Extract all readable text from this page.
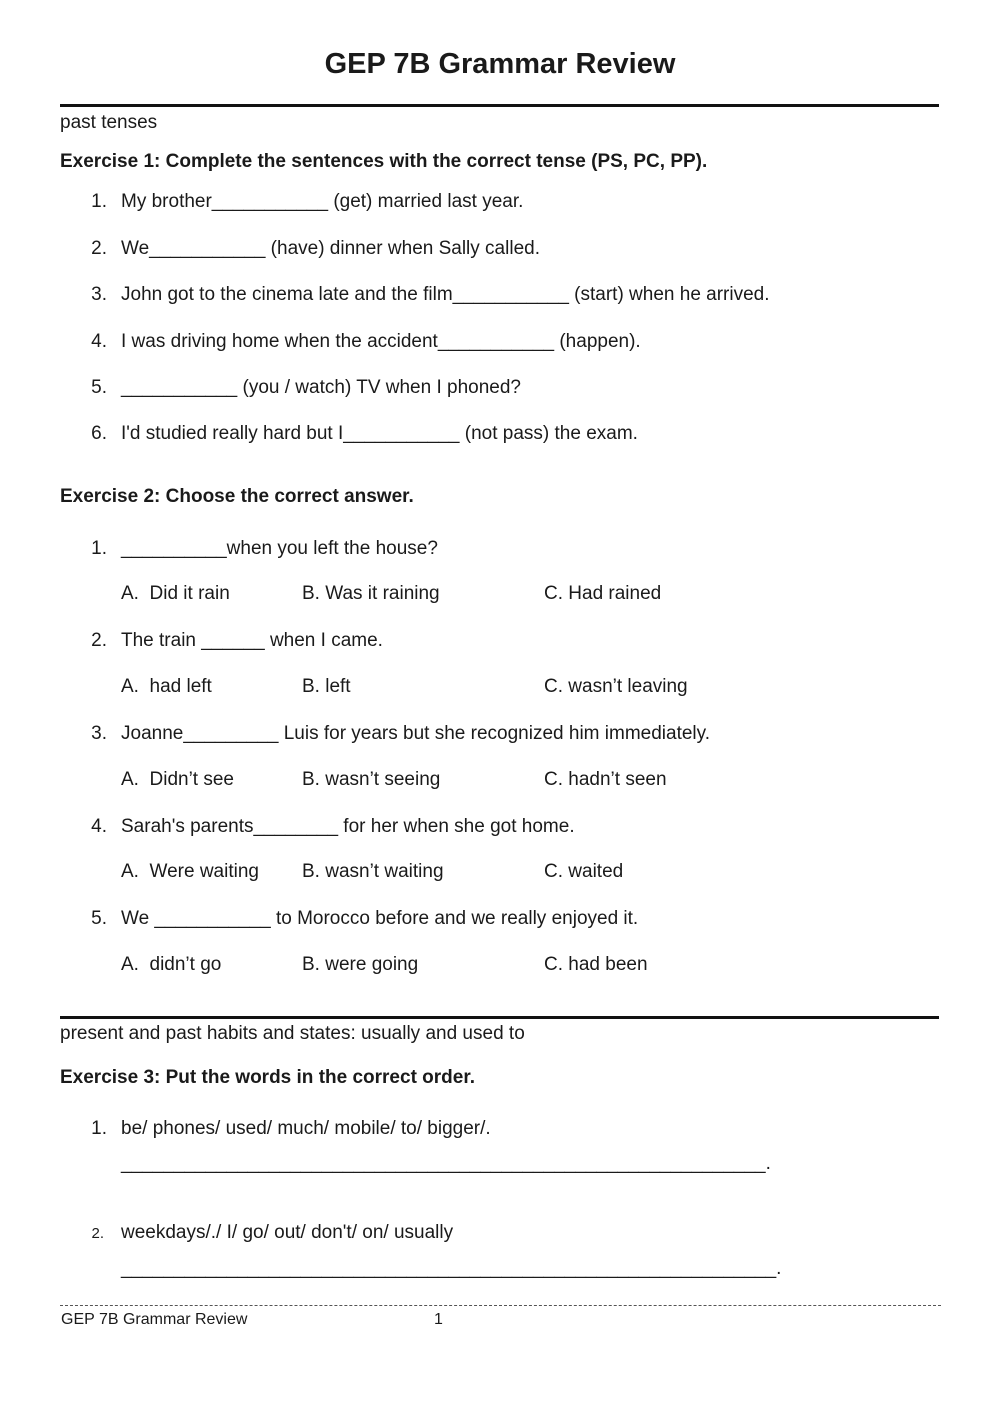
GEP 7B Grammar Review
past tenses
Exercise 1: Complete the sentences with the correct tense (PS, PC, PP).
1. My brother___________ (get) married last year.
2. We___________ (have) dinner when Sally called.
3. John got to the cinema late and the film___________ (start) when he arrived.
4. I was driving home when the accident___________ (happen).
5. ___________ (you / watch) TV when I phoned?
6. I'd studied really hard but I___________ (not pass) the exam.
Exercise 2: Choose the correct answer.
1. __________when you left the house?
A.  Did it rain	B. Was it raining	C. Had rained
2. The train ______ when I came.
A.  had left	B. left	C. wasn’t leaving
3. Joanne_________ Luis for years but she recognized him immediately.
A.  Didn’t see	B. wasn’t seeing	C. hadn’t seen
4. Sarah's parents________ for her when she got home.
A.  Were waiting B. wasn’t waiting	C. waited
5. We ___________ to Morocco before and we really enjoyed it.
A.  didn’t go	B. were going	C. had been
present and past habits and states: usually and used to
Exercise 3: Put the words in the correct order.
1. be/ phones/ used/ much/ mobile/ to/ bigger/.
_____________________________________________________________.
2. weekdays/./ I/ go/ out/ don't/ on/ usually
______________________________________________________________.
GEP 7B Grammar Review	1
